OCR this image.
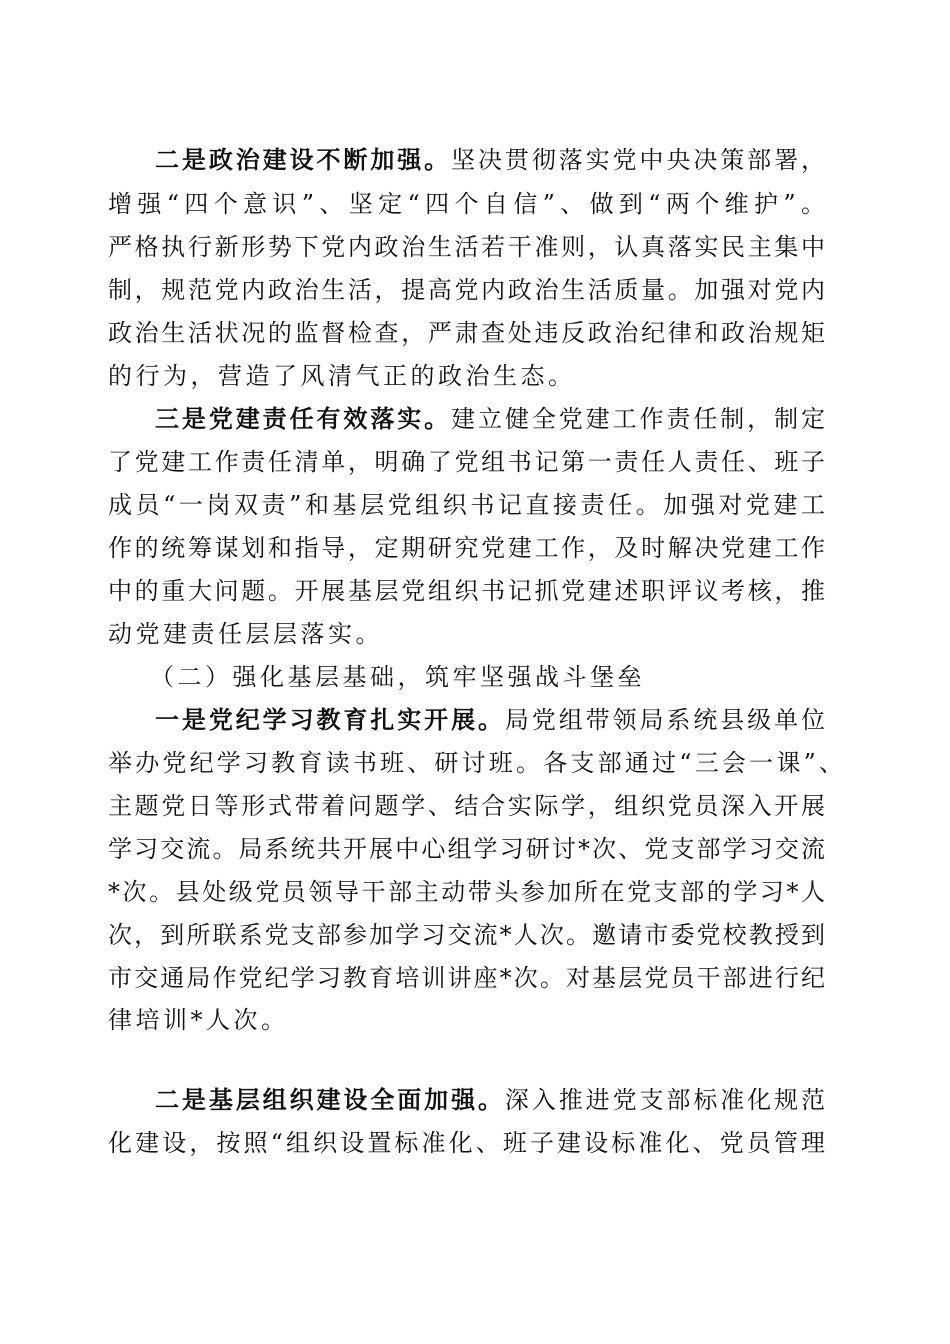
二是政治建设不断加强。坚决贯彻落实党中央决策部署，
增强“四个意识”、坚定“四个自信”、做到“两个维护”。
严格执行新形势下党内政治生活若干准则，认真落实民主集中
制，规范党内政治生活，提高党内政治生活质量。加强对党内
政治生活状况的监督检查，严肃查处违反政治纪律和政治规矩
的行为，营造了风清气正的政治生态。
三是党建责任有效落实。建立健全党建工作责任制，制定
了党建工作责任清单，明确了党组书记第一责任人责任、班子
成员“一岗双责”和基层党组织书记直接责任。加强对党建工
作的统筹谋划和指导，定期研究党建工作，及时解决党建工作
中的重大问题。开展基层党组织书记抓党建述职评议考核，推
动党建责任层层落实。
（二）强化基层基础，筑牢坚强战斗堡垒
一是党纪学习教育扎实开展。局党组带领局系统县级单位
举办党纪学习教育读书班、研讨班。各支部通过“三会一课”、
主题党日等形式带着问题学、结合实际学，组织党员深入开展
学习交流。局系统共开展中心组学习研讨*次、党支部学习交流
*次。县处级党员领导干部主动带头参加所在党支部的学习*人
次，到所联系党支部参加学习交流*人次。邀请市委党校教授到
市交通局作党纪学习教育培训讲座*次。对基层党员干部进行纪
律培训*人次。
二是基层组织建设全面加强。深入推进党支部标准化规范
化建设，按照“组织设置标准化、班子建设标准化、党员管理
